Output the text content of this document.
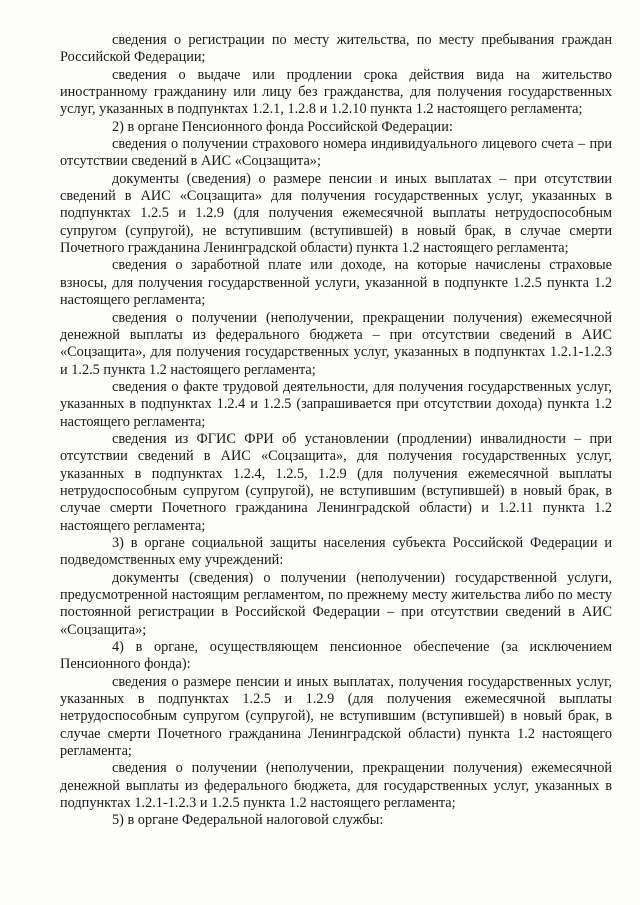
сведения о регистрации по месту жительства, по месту пребывания граждан Российской Федерации;

сведения о выдаче или продлении срока действия вида на жительство иностранному гражданину или лицу без гражданства, для получения государственных услуг, указанных в подпунктах 1.2.1, 1.2.8 и 1.2.10 пункта 1.2 настоящего регламента;

2) в органе Пенсионного фонда Российской Федерации:

сведения о получении страхового номера индивидуального лицевого счета – при отсутствии сведений в АИС «Соцзащита»;

документы (сведения) о размере пенсии и иных выплатах – при отсутствии сведений в АИС «Соцзащита» для получения государственных услуг, указанных в подпунктах 1.2.5 и 1.2.9 (для получения ежемесячной выплаты нетрудоспособным супругом (супругой), не вступившим (вступившей) в новый брак, в случае смерти Почетного гражданина Ленинградской области) пункта 1.2 настоящего регламента;

сведения о заработной плате или доходе, на которые начислены страховые взносы, для получения государственной услуги, указанной в подпункте 1.2.5 пункта 1.2 настоящего регламента;

сведения о получении (неполучении, прекращении получения) ежемесячной денежной выплаты из федерального бюджета – при отсутствии сведений в АИС «Соцзащита», для получения государственных услуг, указанных в подпунктах 1.2.1-1.2.3 и 1.2.5 пункта 1.2 настоящего регламента;

сведения о факте трудовой деятельности, для получения государственных услуг, указанных в подпунктах 1.2.4 и 1.2.5 (запрашивается при отсутствии дохода) пункта 1.2 настоящего регламента;

сведения из ФГИС ФРИ об установлении (продлении) инвалидности – при отсутствии сведений в АИС «Соцзащита», для получения государственных услуг, указанных в подпунктах 1.2.4, 1.2.5, 1.2.9 (для получения ежемесячной выплаты нетрудоспособным супругом (супругой), не вступившим (вступившей) в новый брак, в случае смерти Почетного гражданина Ленинградской области) и 1.2.11 пункта 1.2 настоящего регламента;

3) в органе социальной защиты населения субъекта Российской Федерации и подведомственных ему учреждений:

документы (сведения) о получении (неполучении) государственной услуги, предусмотренной настоящим регламентом, по прежнему месту жительства либо по месту постоянной регистрации в Российской Федерации – при отсутствии сведений в АИС «Соцзащита»;

4) в органе, осуществляющем пенсионное обеспечение (за исключением Пенсионного фонда):

сведения о размере пенсии и иных выплатах, получения государственных услуг, указанных в подпунктах 1.2.5 и 1.2.9 (для получения ежемесячной выплаты нетрудоспособным супругом (супругой), не вступившим (вступившей) в новый брак, в случае смерти Почетного гражданина Ленинградской области) пункта 1.2 настоящего регламента;

сведения о получении (неполучении, прекращении получения) ежемесячной денежной выплаты из федерального бюджета, для государственных услуг, указанных в подпунктах 1.2.1-1.2.3 и 1.2.5 пункта 1.2 настоящего регламента;

5) в органе Федеральной налоговой службы:
